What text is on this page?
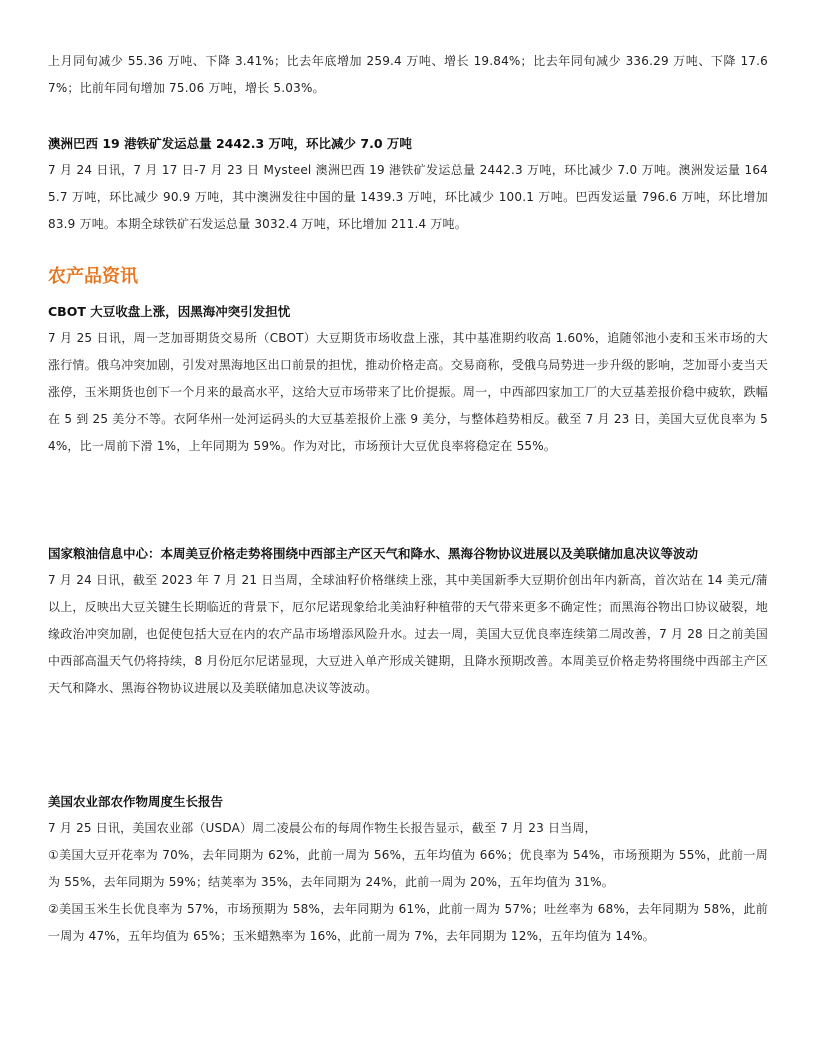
上月同旬减少 55.36 万吨、下降 3.41%；比去年底增加 259.4 万吨、增长 19.84%；比去年同旬减少 336.29 万吨、下降 17.67%；比前年同旬增加 75.06 万吨，增长 5.03%。

澳洲巴西 19 港铁矿发运总量 2442.3 万吨，环比减少 7.0 万吨

7 月 24 日讯，7 月 17 日-7 月 23 日 Mysteel 澳洲巴西 19 港铁矿发运总量 2442.3 万吨，环比减少 7.0 万吨。澳洲发运量 1645.7 万吨，环比减少 90.9 万吨，其中澳洲发往中国的量 1439.3 万吨，环比减少 100.1 万吨。巴西发运量 796.6 万吨，环比增加 83.9 万吨。本期全球铁矿石发运总量 3032.4 万吨，环比增加 211.4 万吨。

农产品资讯

CBOT 大豆收盘上涨，因黑海冲突引发担忧

7 月 25 日讯，周一芝加哥期货交易所（CBOT）大豆期货市场收盘上涨，其中基准期约收高 1.60%，追随邻池小麦和玉米市场的大涨行情。俄乌冲突加剧，引发对黑海地区出口前景的担忧，推动价格走高。交易商称，受俄乌局势进一步升级的影响，芝加哥小麦当天涨停，玉米期货也创下一个月来的最高水平，这给大豆市场带来了比价提振。周一，中西部四家加工厂的大豆基差报价稳中疲软，跌幅在 5 到 25 美分不等。衣阿华州一处河运码头的大豆基差报价上涨 9 美分，与整体趋势相反。截至 7 月 23 日，美国大豆优良率为 54%，比一周前下滑 1%，上年同期为 59%。作为对比，市场预计大豆优良率将稳定在 55%。

国家粮油信息中心：本周美豆价格走势将围绕中西部主产区天气和降水、黑海谷物协议进展以及美联储加息决议等波动

7 月 24 日讯，截至 2023 年 7 月 21 日当周，全球油籽价格继续上涨，其中美国新季大豆期价创出年内新高，首次站在 14 美元/蒲以上，反映出大豆关键生长期临近的背景下，厄尔尼诺现象给北美油籽种植带的天气带来更多不确定性；而黑海谷物出口协议破裂，地缘政治冲突加剧，也促使包括大豆在内的农产品市场增添风险升水。过去一周，美国大豆优良率连续第二周改善，7 月 28 日之前美国中西部高温天气仍将持续，8 月份厄尔尼诺显现，大豆进入单产形成关键期，且降水预期改善。本周美豆价格走势将围绕中西部主产区天气和降水、黑海谷物协议进展以及美联储加息决议等波动。

美国农业部农作物周度生长报告

7 月 25 日讯，美国农业部（USDA）周二凌晨公布的每周作物生长报告显示，截至 7 月 23 日当周，

①美国大豆开花率为 70%，去年同期为 62%，此前一周为 56%，五年均值为 66%；优良率为 54%，市场预期为 55%，此前一周为 55%，去年同期为 59%；结荚率为 35%，去年同期为 24%，此前一周为 20%，五年均值为 31%。

②美国玉米生长优良率为 57%，市场预期为 58%，去年同期为 61%，此前一周为 57%；吐丝率为 68%，去年同期为 58%，此前一周为 47%，五年均值为 65%；玉米蜡熟率为 16%，此前一周为 7%，去年同期为 12%，五年均值为 14%。
